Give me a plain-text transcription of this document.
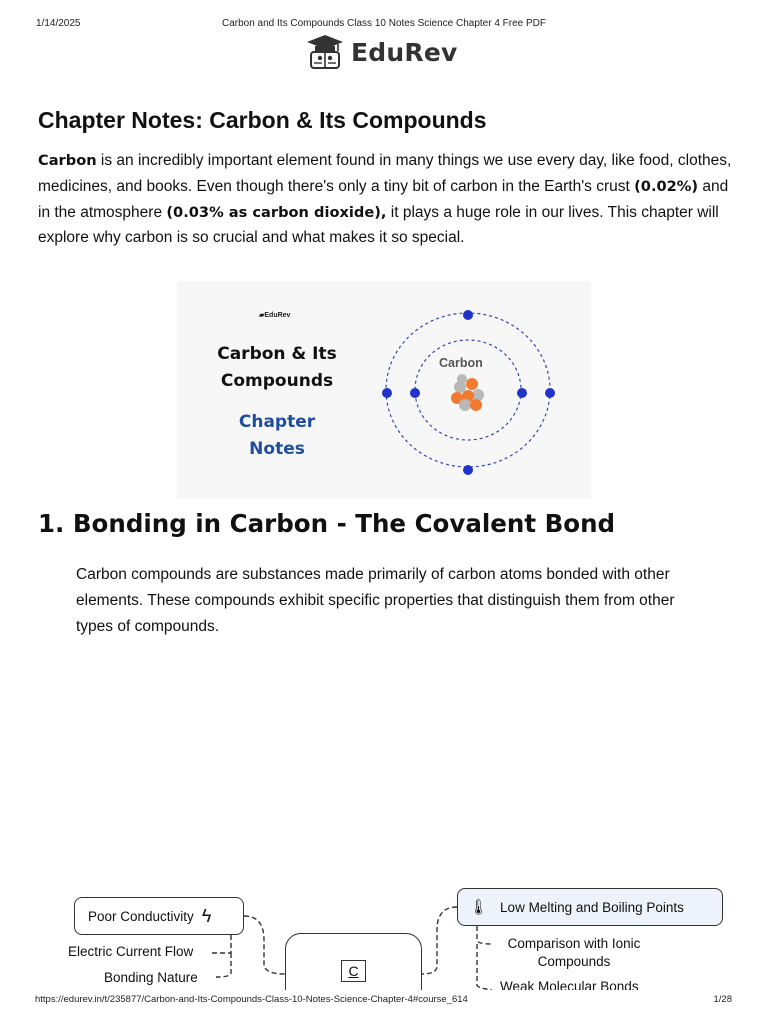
1/14/2025	Carbon and Its Compounds Class 10 Notes Science Chapter 4 Free PDF
EduRev
Chapter Notes: Carbon & Its Compounds

Carbon is an incredibly important element found in many things we use every day, like food, clothes, medicines, and books. Even though there's only a tiny bit of carbon in the Earth's crust (0.02%) and in the atmosphere (0.03% as carbon dioxide), it plays a huge role in our lives. This chapter will explore why carbon is so crucial and what makes it so special.

▰EduRev
Carbon & Its
Compounds
Chapter
Notes
Carbon
1. Bonding in Carbon - The Covalent Bond

Carbon compounds are substances made primarily of carbon atoms bonded with other elements. These compounds exhibit specific properties that distinguish them from other types of compounds.

Poor Conductivity ϟ
Electric Current Flow
Bonding Nature	C
🌡 Low Melting and Boiling Points
Comparison with Ionic Compounds
Weak Molecular Bonds
https://edurev.in/t/235877/Carbon-and-Its-Compounds-Class-10-Notes-Science-Chapter-4#course_614	1/28
